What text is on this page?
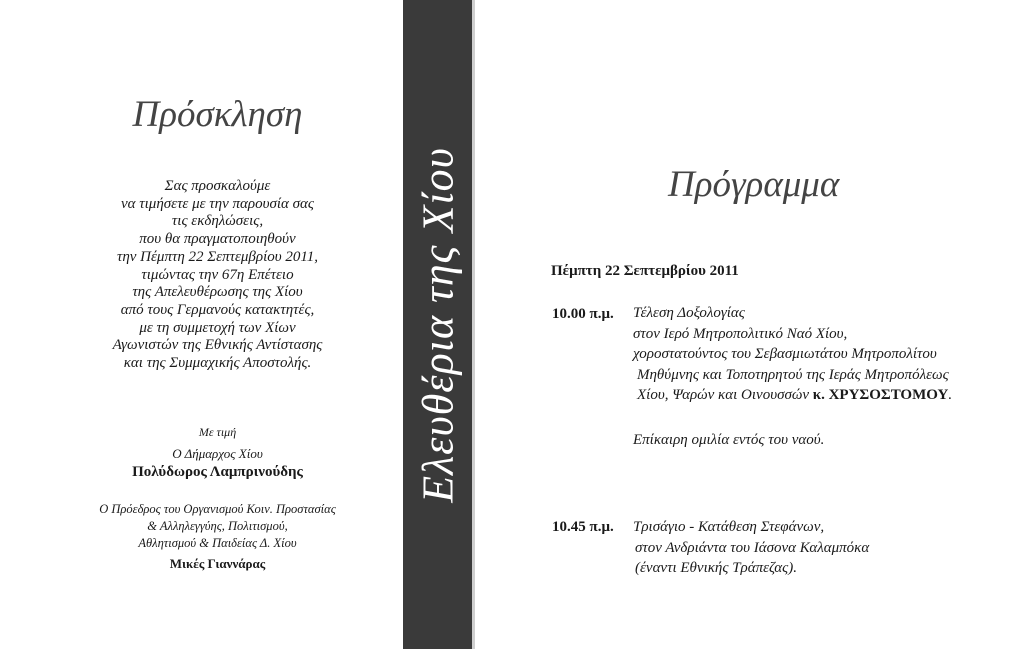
Πρόσκληση
Σας προσκαλούμε
να τιμήσετε με την παρουσία σας
τις εκδηλώσεις,
που θα πραγματοποιηθούν
την Πέμπτη 22 Σεπτεμβρίου 2011,
τιμώντας την 67η Επέτειο
της Απελευθέρωσης της Χίου
από τους Γερμανούς κατακτητές,
με τη συμμετοχή των Χίων
Αγωνιστών της Εθνικής Αντίστασης
και της Συμμαχικής Αποστολής.
Με τιμή
Ο Δήμαρχος Χίου
Πολύδωρος Λαμπρινούδης
Ο Πρόεδρος του Οργανισμού Κοιν. Προστασίας
& Αλληλεγγύης, Πολιτισμού,
Αθλητισμού & Παιδείας Δ. Χίου
Μικές Γιαννάρας
Ελευθέρια της Χίου	Πρόγραμμα
Πέμπτη 22 Σεπτεμβρίου 2011
10.00 π.μ. Τέλεση Δοξολογίας
στον Ιερό Μητροπολιτικό Ναό Χίου,
χοροστατούντος του Σεβασμιωτάτου Μητροπολίτου
Μηθύμνης και Τοποτηρητού της Ιεράς Μητροπόλεως
Χίου, Ψαρών και Οινουσσών κ. ΧΡΥΣΟΣΤΟΜΟΥ.
Επίκαιρη ομιλία εντός του ναού.
10.45 π.μ. Τρισάγιο - Κατάθεση Στεφάνων,
στον Ανδριάντα του Ιάσονα Καλαμπόκα
(έναντι Εθνικής Τράπεζας).
